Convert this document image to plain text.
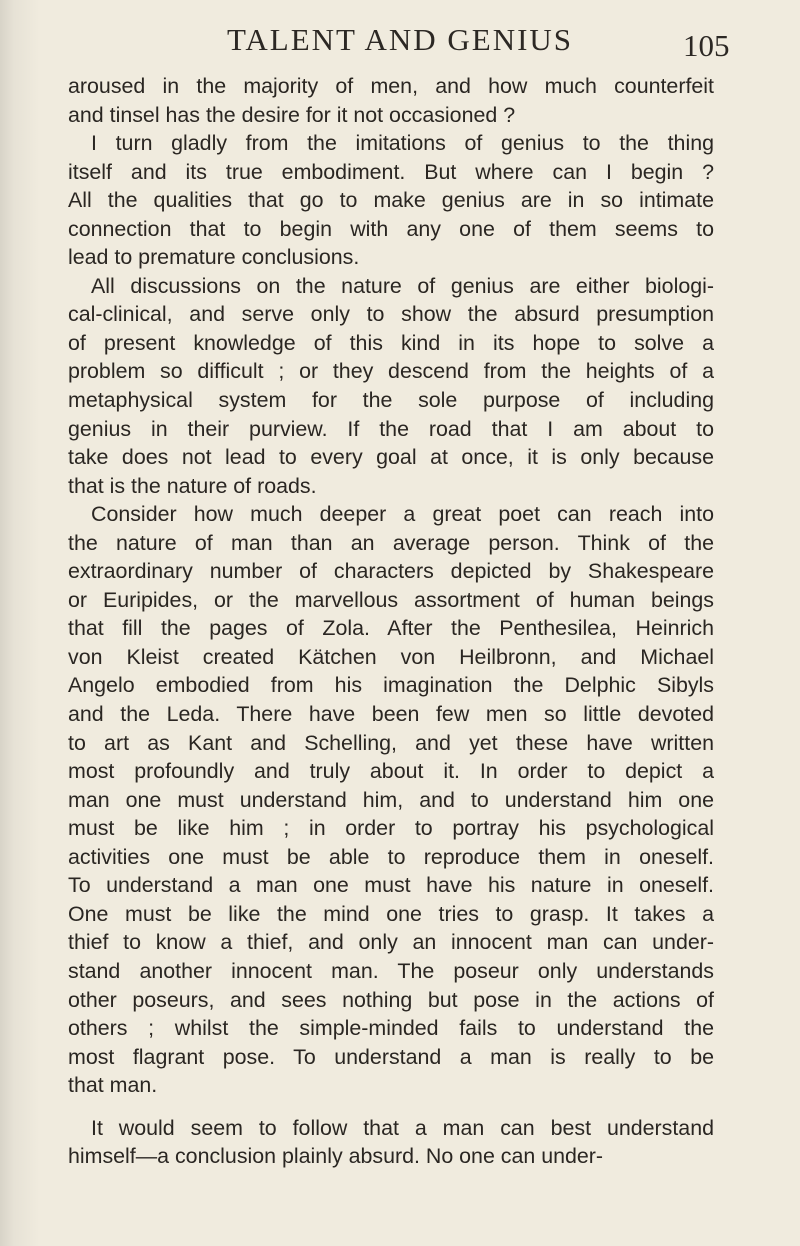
TALENT AND GENIUS	105
aroused in the majority of men, and how much counterfeit
and tinsel has the desire for it not occasioned ?
I turn gladly from the imitations of genius to the thing
itself and its true embodiment. But where can I begin ?
All the qualities that go to make genius are in so intimate
connection that to begin with any one of them seems to
lead to premature conclusions.
All discussions on the nature of genius are either biologi-
cal-clinical, and serve only to show the absurd presumption
of present knowledge of this kind in its hope to solve a
problem so difficult ; or they descend from the heights of a
metaphysical system for the sole purpose of including
genius in their purview. If the road that I am about to
take does not lead to every goal at once, it is only because
that is the nature of roads.
Consider how much deeper a great poet can reach into
the nature of man than an average person. Think of the
extraordinary number of characters depicted by Shakespeare
or Euripides, or the marvellous assortment of human beings
that fill the pages of Zola. After the Penthesilea, Heinrich
von Kleist created Kätchen von Heilbronn, and Michael
Angelo embodied from his imagination the Delphic Sibyls
and the Leda. There have been few men so little devoted
to art as Kant and Schelling, and yet these have written
most profoundly and truly about it. In order to depict a
man one must understand him, and to understand him one
must be like him ; in order to portray his psychological
activities one must be able to reproduce them in oneself.
To understand a man one must have his nature in oneself.
One must be like the mind one tries to grasp. It takes a
thief to know a thief, and only an innocent man can under-
stand another innocent man. The poseur only understands
other poseurs, and sees nothing but pose in the actions of
others ; whilst the simple-minded fails to understand the
most flagrant pose. To understand a man is really to be
that man.
It would seem to follow that a man can best understand
himself—a conclusion plainly absurd. No one can under-
